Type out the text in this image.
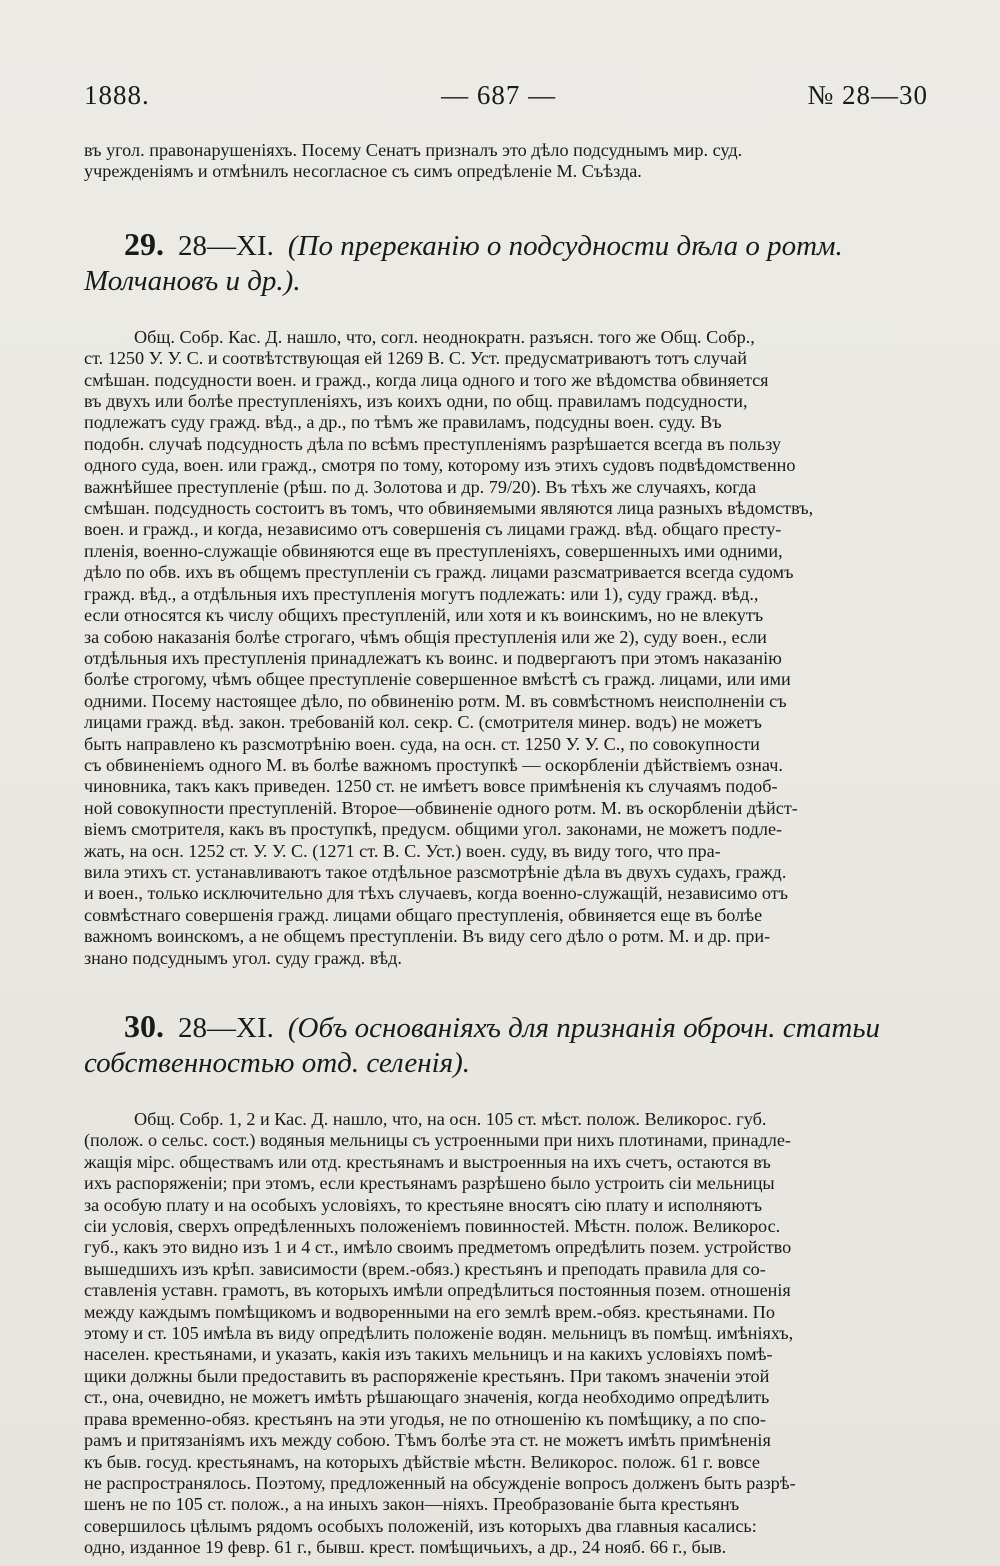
1888.	— 687 —	№ 28—30

въ угол. правонарушеніяхъ. Посему Сенатъ призналъ это дѣло подсуднымъ мир. суд.
учрежденіямъ и отмѣнилъ несогласное съ симъ опредѣленіе М. Съѣзда.

29. 28—XI. (По пререканію о подсудности дѣла о ротм.
Молчановъ и др.).

Общ. Собр. Кас. Д. нашло, что, согл. неоднократн. разъясн. того же Общ. Собр.,
ст. 1250 У. У. С. и соотвѣтствующая ей 1269 В. С. Уст. предусматриваютъ тотъ случай
смѣшан. подсудности воен. и гражд., когда лица одного и того же вѣдомства обвиняется
въ двухъ или болѣе преступленіяхъ, изъ коихъ одни, по общ. правиламъ подсудности,
подлежатъ суду гражд. вѣд., а др., по тѣмъ же правиламъ, подсудны воен. суду. Въ
подобн. случаѣ подсудность дѣла по всѣмъ преступленіямъ разрѣшается всегда въ пользу
одного суда, воен. или гражд., смотря по тому, которому изъ этихъ судовъ подвѣдомственно
важнѣйшее преступленіе (рѣш. по д. Золотова и др. 79/20). Въ тѣхъ же случаяхъ, когда
смѣшан. подсудность состоитъ въ томъ, что обвиняемыми являются лица разныхъ вѣдомствъ,
воен. и гражд., и когда, независимо отъ совершенія съ лицами гражд. вѣд. общаго престу-
пленія, военно-служащіе обвиняются еще въ преступленіяхъ, совершенныхъ ими одними,
дѣло по обв. ихъ въ общемъ преступленіи съ гражд. лицами разсматривается всегда судомъ
гражд. вѣд., а отдѣльныя ихъ преступленія могутъ подлежать: или 1), суду гражд. вѣд.,
если относятся къ числу общихъ преступлeній, или хотя и къ воинскимъ, но не влекутъ
за собою наказанія болѣе строгаго, чѣмъ общія преступленія или же 2), суду воен., если
отдѣльныя ихъ преступленія принадлежатъ къ воинс. и подвергаютъ при этомъ наказанію
болѣе строгому, чѣмъ общее преступленіе совершенное вмѣстѣ съ гражд. лицами, или ими
одними. Посему настоящее дѣло, по обвиненію ротм. М. въ совмѣстномъ неисполненіи съ
лицами гражд. вѣд. закон. требованій кол. секр. С. (смотрителя минер. водъ) не можетъ
быть направлено къ разсмотрѣнію воен. суда, на осн. ст. 1250 У. У. С., по совокупности
съ обвиненіемъ одного М. въ болѣе важномъ проступкѣ — оскорбленіи дѣйствіемъ означ.
чиновника, такъ какъ приведен. 1250 ст. не имѣетъ вовсе примѣненія къ случаямъ подоб-
ной совокупности преступленій. Второе—обвиненіе одного ротм. М. въ оскорбленіи дѣйст-
віемъ смотрителя, какъ въ проступкѣ, предусм. общими угол. законами, не можетъ подле-
жать, на осн. 1252 ст. У. У. С. (1271 ст. В. С. Уст.) воен. суду, въ виду того, что пра-
вила этихъ ст. устанавливаютъ такое отдѣльное разсмотрѣніе дѣла въ двухъ судахъ, гражд.
и воен., только исключительно для тѣхъ случаевъ, когда военно-служащій, независимо отъ
совмѣстнаго совершенія гражд. лицами общаго преступленія, обвиняется еще въ болѣе
важномъ воинскомъ, а не общемъ преступленіи. Въ виду сего дѣло о ротм. М. и др. при-
знано подсуднымъ угол. суду гражд. вѣд.

30. 28—XI. (Объ основаніяхъ для признанія оброчн. статьи
собственностью отд. селенія).

Общ. Собр. 1, 2 и Кас. Д. нашло, что, на осн. 105 ст. мѣст. полож. Великорос. губ.
(полож. о сельс. сост.) водяныя мельницы съ устроенными при нихъ плотинами, принадле-
жащія мірс. обществамъ или отд. крестьянамъ и выстроенныя на ихъ счетъ, остаются въ
ихъ распоряженіи; при этомъ, если крестьянамъ разрѣшено было устроить сіи мельницы
за особую плату и на особыхъ условіяхъ, то крестьяне вносятъ сію плату и исполняютъ
сіи условія, сверхъ опредѣленныхъ положеніемъ повинностей. Мѣстн. полож. Великорос.
губ., какъ это видно изъ 1 и 4 ст., имѣло своимъ предметомъ опредѣлить позем. устройство
вышедшихъ изъ крѣп. зависимости (врем.-обяз.) крестьянъ и преподать правила для со-
ставленія уставн. грамотъ, въ которыхъ имѣли опредѣлиться постоянныя позем. отношенія
между каждымъ помѣщикомъ и водворенными на его землѣ врем.-обяз. крестьянами. По
этому и ст. 105 имѣла въ виду опредѣлить положеніе водян. мельницъ въ помѣщ. имѣніяхъ,
населен. крестьянами, и указать, какія изъ такихъ мельницъ и на какихъ условіяхъ помѣ-
щики должны были предоставить въ распоряженіе крестьянъ. При такомъ значеніи этой
ст., она, очевидно, не можетъ имѣть рѣшающаго значенія, когда необходимо опредѣлить
права временно-обяз. крестьянъ на эти угодья, не по отношенію къ помѣщику, а по спо-
рамъ и притязаніямъ ихъ между собою. Тѣмъ болѣе эта ст. не можетъ имѣть примѣненія
къ быв. госуд. крестьянамъ, на которыхъ дѣйствіе мѣстн. Великорос. полож. 61 г. вовсе
не распространялось. Поэтому, предложенный на обсужденіе вопросъ долженъ быть разрѣ-
шенъ не по 105 ст. полож., а на иныхъ закон—ніяхъ. Преобразованіе быта крестьянъ
совершилось цѣлымъ рядомъ особыхъ положеній, изъ которыхъ два главныя касались:
одно, изданное 19 февр. 61 г., бывш. крест. помѣщичьихъ, а др., 24 нояб. 66 г., быв.
